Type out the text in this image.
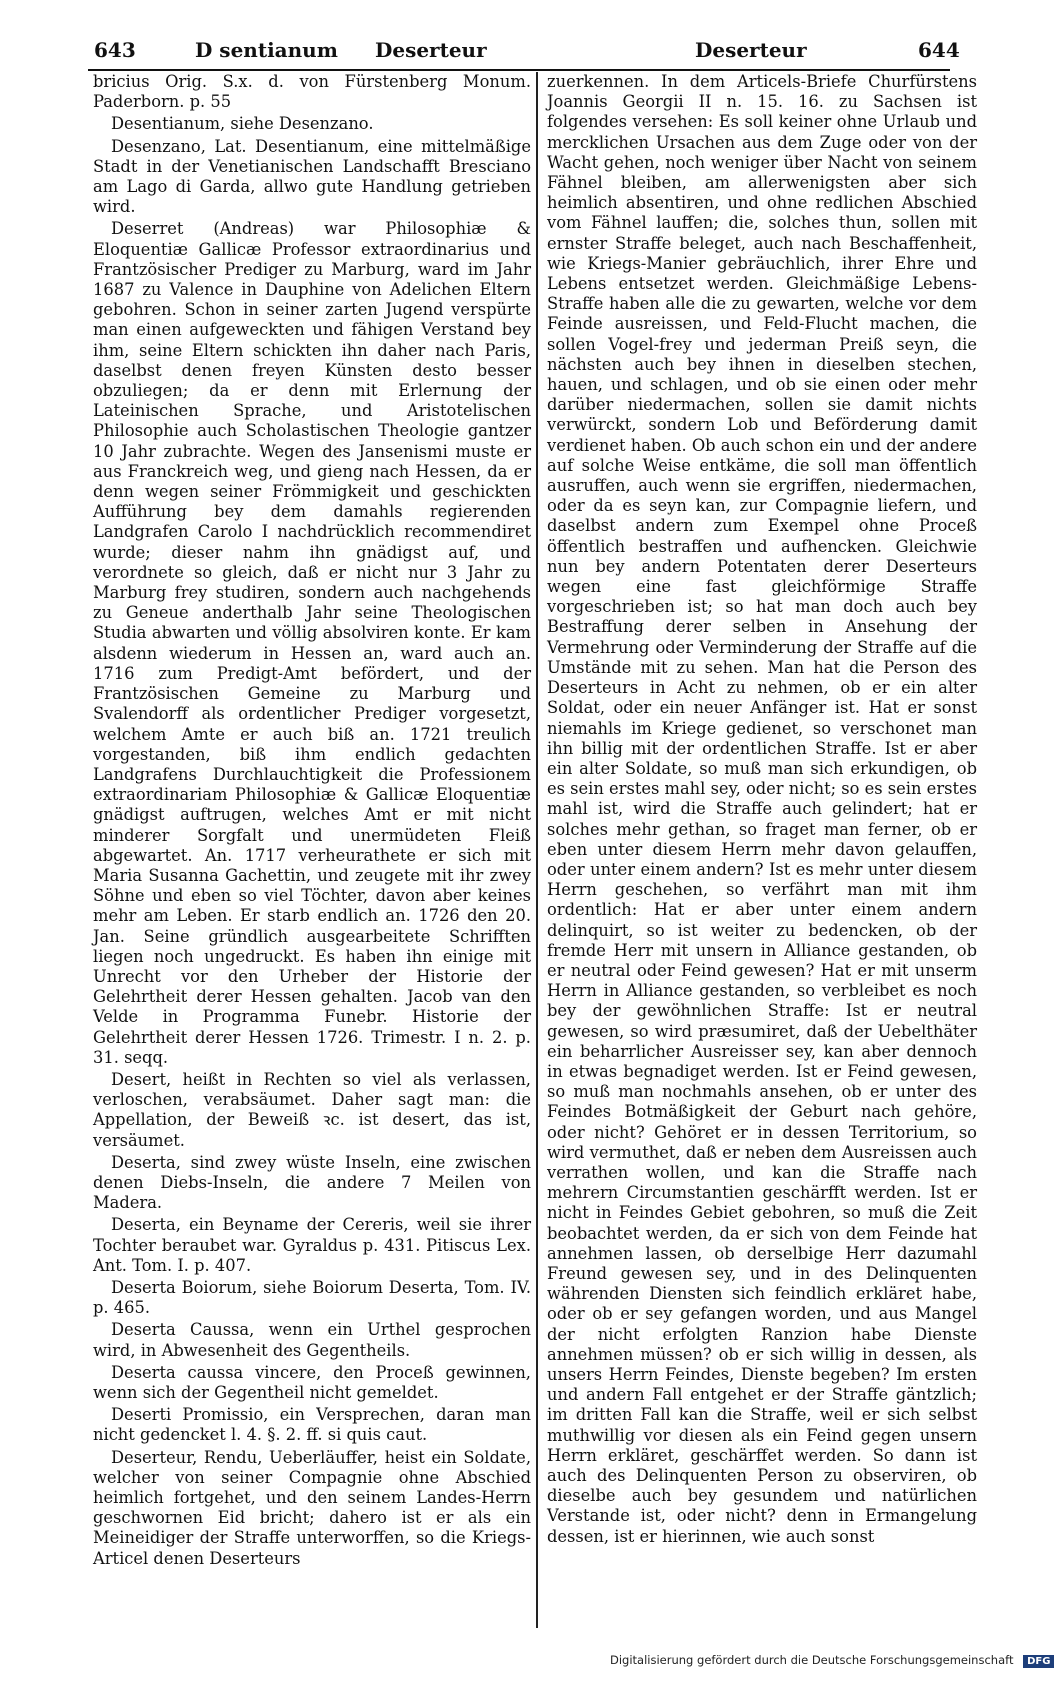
643	D sentianum Deserteur	Deserteur	644

bricius Orig. S.x. d. von Fürstenberg Monum. Paderborn. p. 55

Desentianum, siehe Desenzano.

Desenzano, Lat. Desentianum, eine mittelmäßige Stadt in der Venetianischen Landschafft Bresciano am Lago di Garda, allwo gute Handlung getrieben wird.

Deserret (Andreas) war Philosophiæ & Eloquentiæ Gallicæ Professor extraordinarius und Frantzösischer Prediger zu Marburg, ward im Jahr 1687 zu Valence in Dauphine von Adelichen Eltern gebohren. Schon in seiner zarten Jugend verspürte man einen aufgeweckten und fähigen Verstand bey ihm, seine Eltern schickten ihn daher nach Paris, daselbst denen freyen Künsten desto besser obzuliegen; da er denn mit Erlernung der Lateinischen Sprache, und Aristotelischen Philosophie auch Scholastischen Theologie gantzer 10 Jahr zubrachte. Wegen des Jansenismi muste er aus Franckreich weg, und gieng nach Hessen, da er denn wegen seiner Frömmigkeit und geschickten Aufführung bey dem damahls regierenden Landgrafen Carolo I nachdrücklich recommendiret wurde; dieser nahm ihn gnädigst auf, und verordnete so gleich, daß er nicht nur 3 Jahr zu Marburg frey studiren, sondern auch nachgehends zu Geneue anderthalb Jahr seine Theologischen Studia abwarten und völlig absolviren konte. Er kam alsdenn wiederum in Hessen an, ward auch an. 1716 zum Predigt-Amt befördert, und der Frantzösischen Gemeine zu Marburg und Svalendorff als ordentlicher Prediger vorgesetzt, welchem Amte er auch biß an. 1721 treulich vorgestanden, biß ihm endlich gedachten Landgrafens Durchlauchtigkeit die Professionem extraordinariam Philosophiæ & Gallicæ Eloquentiæ gnädigst auftrugen, welches Amt er mit nicht minderer Sorgfalt und unermüdeten Fleiß abgewartet. An. 1717 verheurathete er sich mit Maria Susanna Gachettin, und zeugete mit ihr zwey Söhne und eben so viel Töchter, davon aber keines mehr am Leben. Er starb endlich an. 1726 den 20. Jan. Seine gründlich ausgearbeitete Schrifften liegen noch ungedruckt. Es haben ihn einige mit Unrecht vor den Urheber der Historie der Gelehrtheit derer Hessen gehalten. Jacob van den Velde in Programma Funebr. Historie der Gelehrtheit derer Hessen 1726. Trimestr. I n. 2. p. 31. seqq.

Desert, heißt in Rechten so viel als verlassen, verloschen, verabsäumet. Daher sagt man: die Appellation, der Beweiß ꝛc. ist desert, das ist, versäumet.

Deserta, sind zwey wüste Inseln, eine zwischen denen Diebs-Inseln, die andere 7 Meilen von Madera.

Deserta, ein Beyname der Cereris, weil sie ihrer Tochter beraubet war. Gyraldus p. 431. Pitiscus Lex. Ant. Tom. I. p. 407.

Deserta Boiorum, siehe Boiorum Deserta, Tom. IV. p. 465.

Deserta Caussa, wenn ein Urthel gesprochen wird, in Abwesenheit des Gegentheils.

Deserta caussa vincere, den Proceß gewinnen, wenn sich der Gegentheil nicht gemeldet.

Deserti Promissio, ein Versprechen, daran man nicht gedencket l. 4. §. 2. ff. si quis caut.

Deserteur, Rendu, Ueberläuffer, heist ein Soldate, welcher von seiner Compagnie ohne Abschied heimlich fortgehet, und den seinem Landes-Herrn geschwornen Eid bricht; dahero ist er als ein Meineidiger der Straffe unterworffen, so die Kriegs-Articel denen Deserteurs

zuerkennen. In dem Articels-Briefe Churfürstens Joannis Georgii II n. 15. 16. zu Sachsen ist folgendes versehen: Es soll keiner ohne Urlaub und mercklichen Ursachen aus dem Zuge oder von der Wacht gehen, noch weniger über Nacht von seinem Fähnel bleiben, am allerwenigsten aber sich heimlich absentiren, und ohne redlichen Abschied vom Fähnel lauffen; die, solches thun, sollen mit ernster Straffe beleget, auch nach Beschaffenheit, wie Kriegs-Manier gebräuchlich, ihrer Ehre und Lebens entsetzet werden. Gleichmäßige Lebens-Straffe haben alle die zu gewarten, welche vor dem Feinde ausreissen, und Feld-Flucht machen, die sollen Vogel-frey und jederman Preiß seyn, die nächsten auch bey ihnen in dieselben stechen, hauen, und schlagen, und ob sie einen oder mehr darüber niedermachen, sollen sie damit nichts verwürckt, sondern Lob und Beförderung damit verdienet haben. Ob auch schon ein und der andere auf solche Weise entkäme, die soll man öffentlich ausruffen, auch wenn sie ergriffen, niedermachen, oder da es seyn kan, zur Compagnie liefern, und daselbst andern zum Exempel ohne Proceß öffentlich bestraffen und aufhencken. Gleichwie nun bey andern Potentaten derer Deserteurs wegen eine fast gleichförmige Straffe vorgeschrieben ist; so hat man doch auch bey Bestraffung derer selben in Ansehung der Vermehrung oder Verminderung der Straffe auf die Umstände mit zu sehen. Man hat die Person des Deserteurs in Acht zu nehmen, ob er ein alter Soldat, oder ein neuer Anfänger ist. Hat er sonst niemahls im Kriege gedienet, so verschonet man ihn billig mit der ordentlichen Straffe. Ist er aber ein alter Soldate, so muß man sich erkundigen, ob es sein erstes mahl sey, oder nicht; so es sein erstes mahl ist, wird die Straffe auch gelindert; hat er solches mehr gethan, so fraget man ferner, ob er eben unter diesem Herrn mehr davon gelauffen, oder unter einem andern? Ist es mehr unter diesem Herrn geschehen, so verfährt man mit ihm ordentlich: Hat er aber unter einem andern delinquirt, so ist weiter zu bedencken, ob der fremde Herr mit unsern in Alliance gestanden, ob er neutral oder Feind gewesen? Hat er mit unserm Herrn in Alliance gestanden, so verbleibet es noch bey der gewöhnlichen Straffe: Ist er neutral gewesen, so wird præsumiret, daß der Uebelthäter ein beharrlicher Ausreisser sey, kan aber dennoch in etwas begnadiget werden. Ist er Feind gewesen, so muß man nochmahls ansehen, ob er unter des Feindes Botmäßigkeit der Geburt nach gehöre, oder nicht? Gehöret er in dessen Territorium, so wird vermuthet, daß er neben dem Ausreissen auch verrathen wollen, und kan die Straffe nach mehrern Circumstantien geschärfft werden. Ist er nicht in Feindes Gebiet gebohren, so muß die Zeit beobachtet werden, da er sich von dem Feinde hat annehmen lassen, ob derselbige Herr dazumahl Freund gewesen sey, und in des Delinquenten währenden Diensten sich feindlich erkläret habe, oder ob er sey gefangen worden, und aus Mangel der nicht erfolgten Ranzion habe Dienste annehmen müssen? ob er sich willig in dessen, als unsers Herrn Feindes, Dienste begeben? Im ersten und andern Fall entgehet er der Straffe gäntzlich; im dritten Fall kan die Straffe, weil er sich selbst muthwillig vor diesen als ein Feind gegen unsern Herrn erkläret, geschärffet werden. So dann ist auch des Delinquenten Person zu observiren, ob dieselbe auch bey gesundem und natürlichen Verstande ist, oder nicht? denn in Ermangelung dessen, ist er hierinnen, wie auch sonst

Digitalisierung gefördert durch die Deutsche Forschungsgemeinschaft DFG
